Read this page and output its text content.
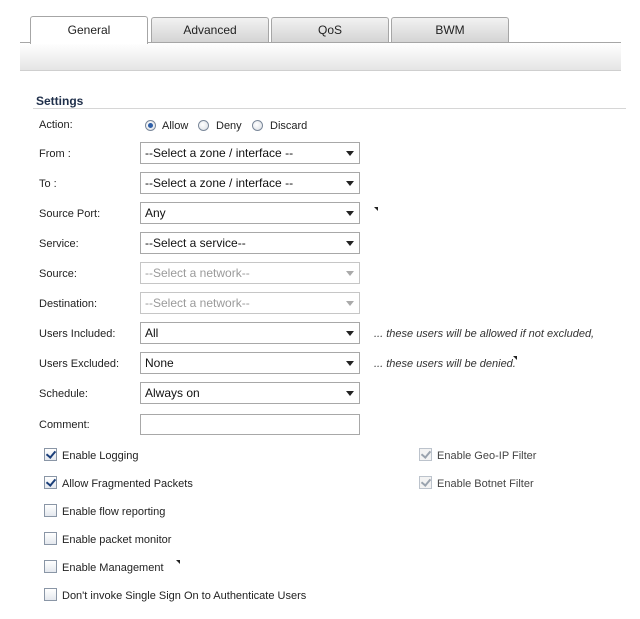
General	Advanced	QoS	BWM
Settings
Action:	Allow	Deny	Discard
From :	--Select a zone / interface --
To :	--Select a zone / interface --
Source Port:	Any
Service:	--Select a service--
Source:	--Select a network--
Destination:	--Select a network--
Users Included:	All	... these users will be allowed if not excluded,
Users Excluded:	None	... these users will be denied.
Schedule:	Always on
Comment:
Enable Logging
Allow Fragmented Packets
Enable flow reporting
Enable packet monitor
Enable Management
Don't invoke Single Sign On to Authenticate Users
Enable Geo-IP Filter
Enable Botnet Filter
